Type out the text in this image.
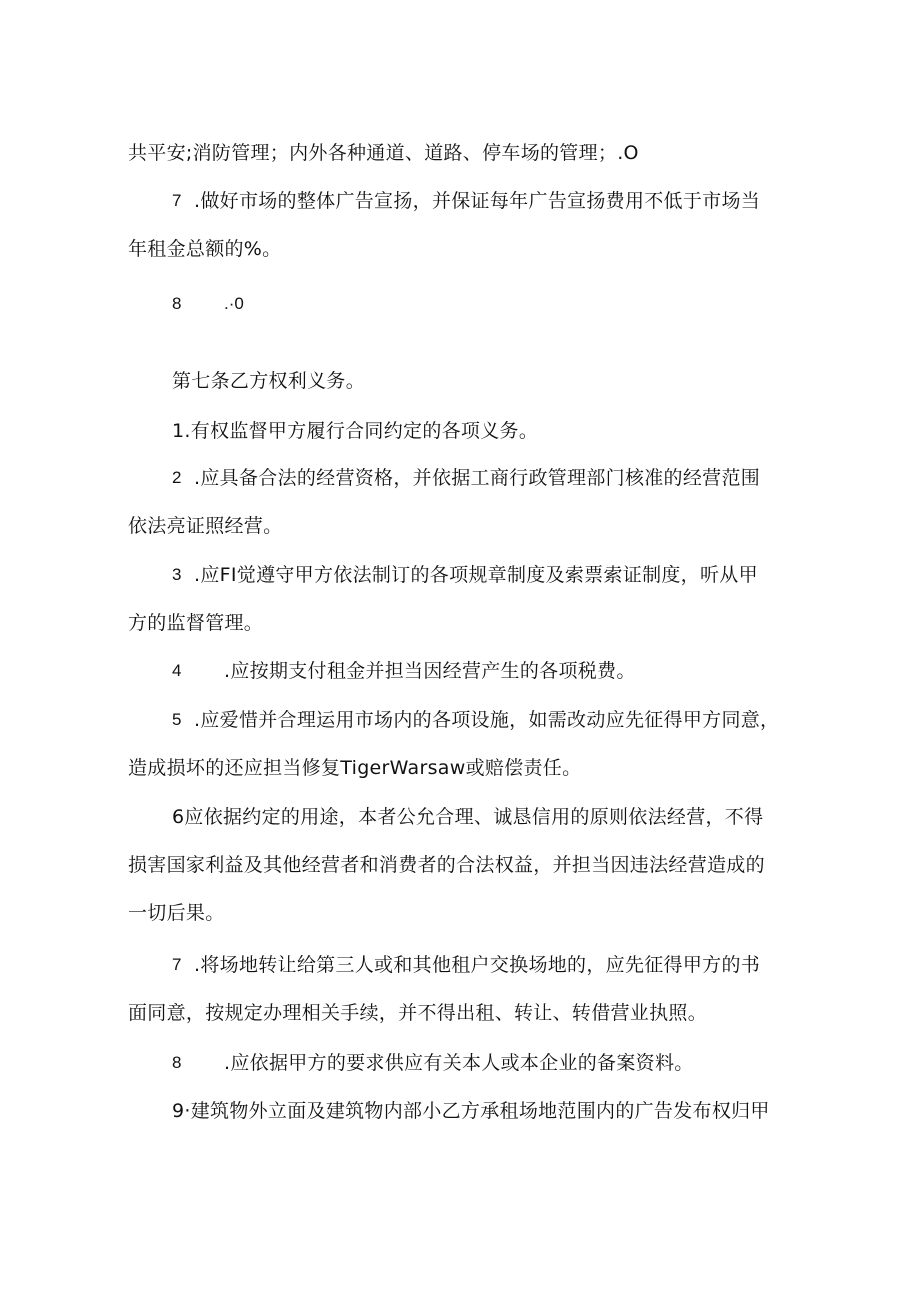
共平安;消防管理；内外各种通道、道路、停车场的管理；.O
7 .做好市场的整体广告宣扬，并保证每年广告宣扬费用不低于市场当
年租金总额的%。
8	.·0
第七条乙方权利义务。
1.有权监督甲方履行合同约定的各项义务。
2 .应具备合法的经营资格，并依据工商行政管理部门核准的经营范围
依法亮证照经营。
3 .应FI觉遵守甲方依法制订的各项规章制度及索票索证制度，听从甲
方的监督管理。
4 .应按期支付租金并担当因经营产生的各项税费。
5 .应爱惜并合理运用市场内的各项设施，如需改动应先征得甲方同意，
造成损坏的还应担当修复TigerWarsaw或赔偿责任。
6应依据约定的用途，本者公允合理、诚恳信用的原则依法经营，不得
损害国家利益及其他经营者和消费者的合法权益，并担当因违法经营造成的
一切后果。
7 .将场地转让给第三人或和其他租户交换场地的，应先征得甲方的书
面同意，按规定办理相关手续，并不得出租、转让、转借营业执照。
8 .应依据甲方的要求供应有关本人或本企业的备案资料。
9·建筑物外立面及建筑物内部小乙方承租场地范围内的广告发布权归甲
